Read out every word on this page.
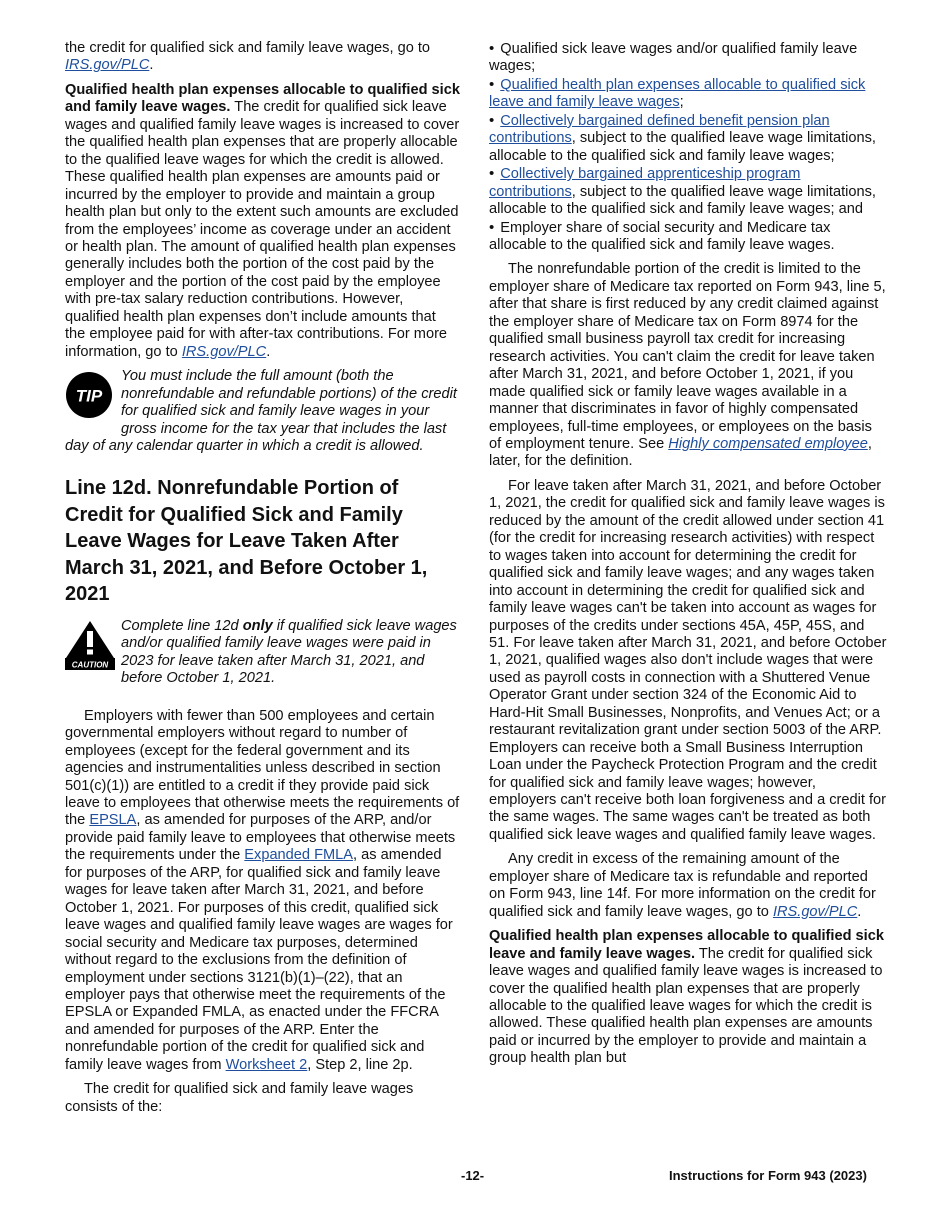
the credit for qualified sick and family leave wages, go to IRS.gov/PLC.

Qualified health plan expenses allocable to qualified sick and family leave wages. The credit for qualified sick leave wages and qualified family leave wages is increased to cover the qualified health plan expenses that are properly allocable to the qualified leave wages for which the credit is allowed. These qualified health plan expenses are amounts paid or incurred by the employer to provide and maintain a group health plan but only to the extent such amounts are excluded from the employees’ income as coverage under an accident or health plan. The amount of qualified health plan expenses generally includes both the portion of the cost paid by the employer and the portion of the cost paid by the employee with pre-tax salary reduction contributions. However, qualified health plan expenses don’t include amounts that the employee paid for with after-tax contributions. For more information, go to IRS.gov/PLC.

TIP
You must include the full amount (both the nonrefundable and refundable portions) of the credit for qualified sick and family leave wages in your gross income for the tax year that includes the last day of any calendar quarter in which a credit is allowed.
Line 12d. Nonrefundable Portion of Credit for Qualified Sick and Family Leave Wages for Leave Taken After March 31, 2021, and Before October 1, 2021
CAUTION
Complete line 12d only if qualified sick leave wages and/or qualified family leave wages were paid in 2023 for leave taken after March 31, 2021, and before October 1, 2021.

Employers with fewer than 500 employees and certain governmental employers without regard to number of employees (except for the federal government and its agencies and instrumentalities unless described in section 501(c)(1)) are entitled to a credit if they provide paid sick leave to employees that otherwise meets the requirements of the EPSLA, as amended for purposes of the ARP, and/or provide paid family leave to employees that otherwise meets the requirements under the Expanded FMLA, as amended for purposes of the ARP, for qualified sick and family leave wages for leave taken after March 31, 2021, and before October 1, 2021. For purposes of this credit, qualified sick leave wages and qualified family leave wages are wages for social security and Medicare tax purposes, determined without regard to the exclusions from the definition of employment under sections 3121(b)(1)–(22), that an employer pays that otherwise meet the requirements of the EPSLA or Expanded FMLA, as enacted under the FFCRA and amended for purposes of the ARP. Enter the nonrefundable portion of the credit for qualified sick and family leave wages from Worksheet 2, Step 2, line 2p.

The credit for qualified sick and family leave wages consists of the:

• Qualified sick leave wages and/or qualified family leave wages;

• Qualified health plan expenses allocable to qualified sick leave and family leave wages;

• Collectively bargained defined benefit pension plan contributions, subject to the qualified leave wage limitations, allocable to the qualified sick and family leave wages;

• Collectively bargained apprenticeship program contributions, subject to the qualified leave wage limitations, allocable to the qualified sick and family leave wages; and

• Employer share of social security and Medicare tax allocable to the qualified sick and family leave wages.

The nonrefundable portion of the credit is limited to the employer share of Medicare tax reported on Form 943, line 5, after that share is first reduced by any credit claimed against the employer share of Medicare tax on Form 8974 for the qualified small business payroll tax credit for increasing research activities. You can't claim the credit for leave taken after March 31, 2021, and before October 1, 2021, if you made qualified sick or family leave wages available in a manner that discriminates in favor of highly compensated employees, full-time employees, or employees on the basis of employment tenure. See Highly compensated employee, later, for the definition.

For leave taken after March 31, 2021, and before October 1, 2021, the credit for qualified sick and family leave wages is reduced by the amount of the credit allowed under section 41 (for the credit for increasing research activities) with respect to wages taken into account for determining the credit for qualified sick and family leave wages; and any wages taken into account in determining the credit for qualified sick and family leave wages can't be taken into account as wages for purposes of the credits under sections 45A, 45P, 45S, and 51. For leave taken after March 31, 2021, and before October 1, 2021, qualified wages also don't include wages that were used as payroll costs in connection with a Shuttered Venue Operator Grant under section 324 of the Economic Aid to Hard-Hit Small Businesses, Nonprofits, and Venues Act; or a restaurant revitalization grant under section 5003 of the ARP. Employers can receive both a Small Business Interruption Loan under the Paycheck Protection Program and the credit for qualified sick and family leave wages; however, employers can't receive both loan forgiveness and a credit for the same wages. The same wages can't be treated as both qualified sick leave wages and qualified family leave wages.

Any credit in excess of the remaining amount of the employer share of Medicare tax is refundable and reported on Form 943, line 14f. For more information on the credit for qualified sick and family leave wages, go to IRS.gov/PLC.

Qualified health plan expenses allocable to qualified sick leave and family leave wages. The credit for qualified sick leave wages and qualified family leave wages is increased to cover the qualified health plan expenses that are properly allocable to the qualified leave wages for which the credit is allowed. These qualified health plan expenses are amounts paid or incurred by the employer to provide and maintain a group health plan but

-12-	Instructions for Form 943 (2023)
